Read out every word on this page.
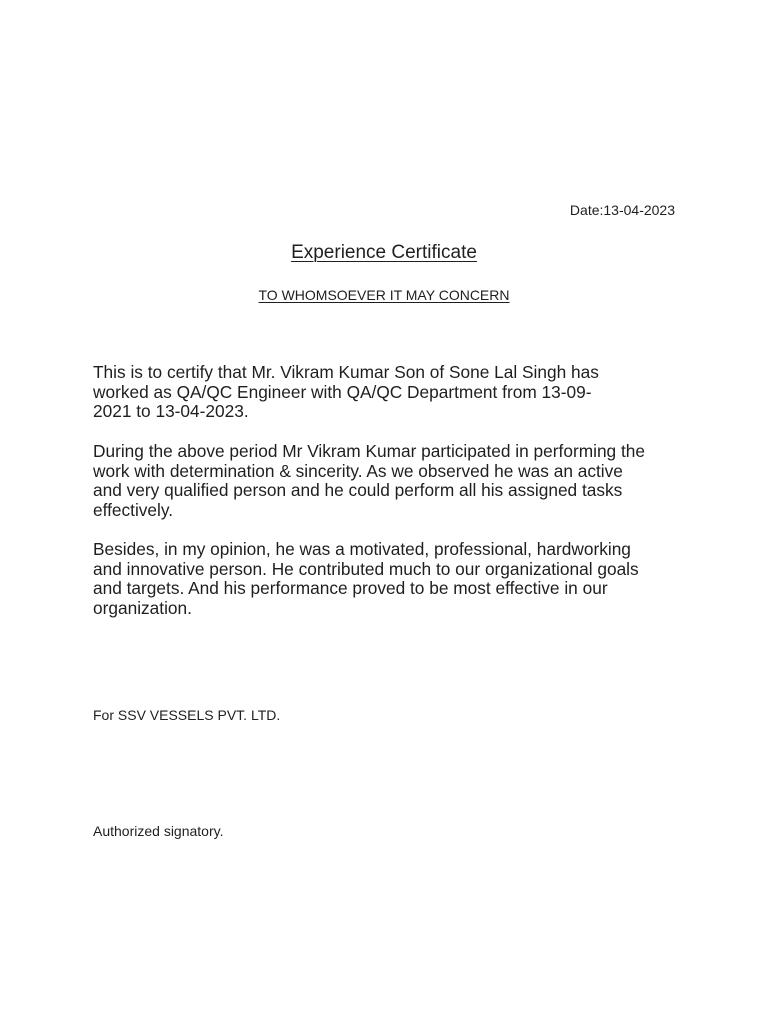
Date:13-04-2023
Experience Certificate
TO WHOMSOEVER IT MAY CONCERN
This is to certify that Mr. Vikram Kumar Son of Sone Lal Singh has
worked as QA/QC Engineer with QA/QC Department from 13-09-
2021 to 13-04-2023.
During the above period Mr Vikram Kumar participated in performing the
work with determination & sincerity. As we observed he was an active
and very qualified person and he could perform all his assigned tasks
effectively.
Besides, in my opinion, he was a motivated, professional, hardworking
and innovative person. He contributed much to our organizational goals
and targets. And his performance proved to be most effective in our
organization.
For SSV VESSELS PVT. LTD.
Authorized signatory.
